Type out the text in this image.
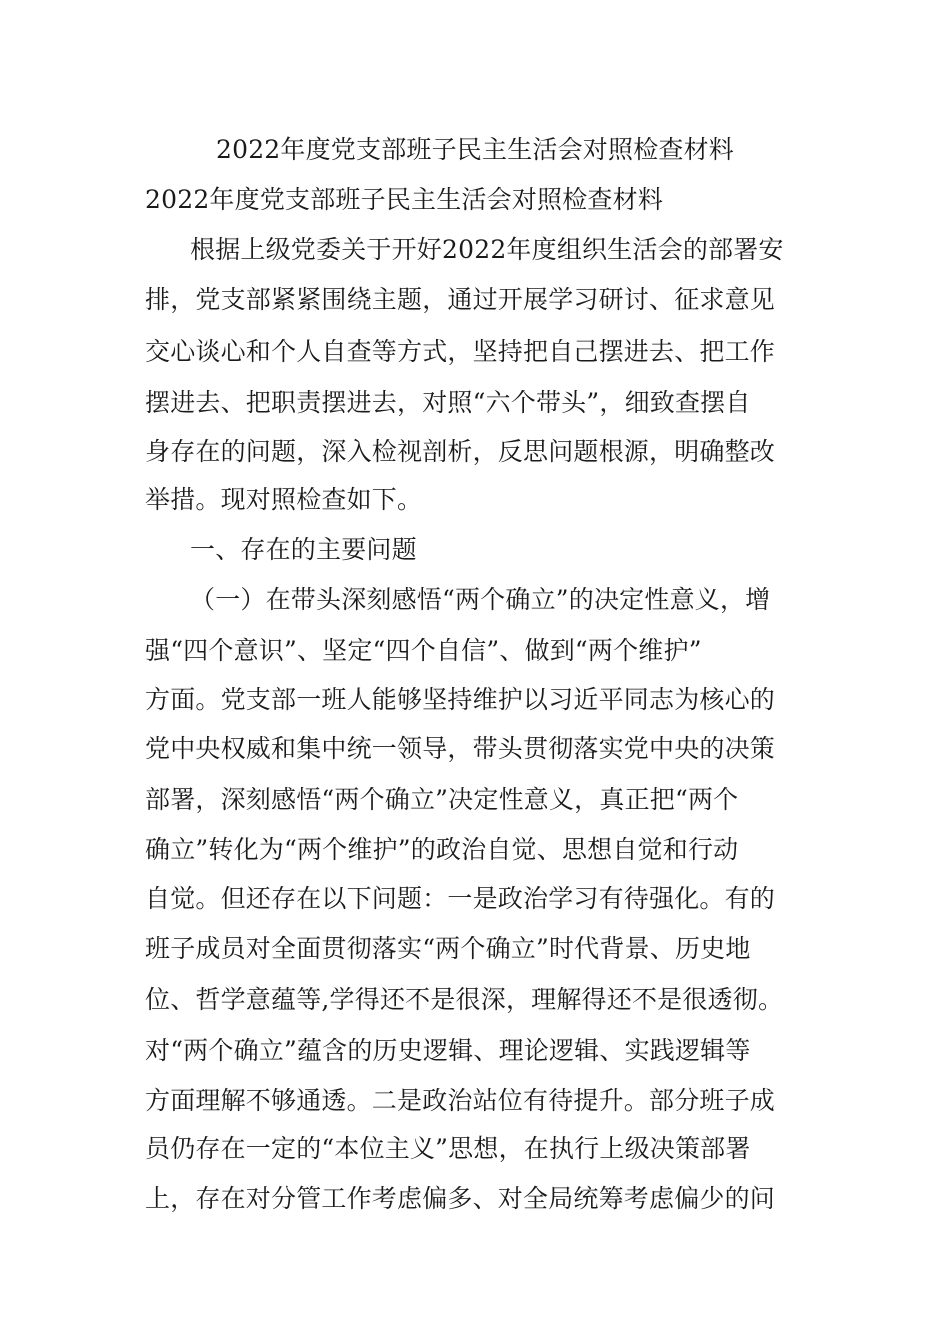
2022年度党支部班子民主生活会对照检查材料

2022年度党支部班子民主生活会对照检查材料

根据上级党委关于开好2022年度组织生活会的部署安

排，党支部紧紧围绕主题，通过开展学习研讨、征求意见

交心谈心和个人自查等方式，坚持把自己摆进去、把工作

摆进去、把职责摆进去，对照“六个带头”，细致查摆自

身存在的问题，深入检视剖析，反思问题根源，明确整改

举措。现对照检查如下。

一、存在的主要问题

（一）在带头深刻感悟“两个确立”的决定性意义，增

强“四个意识”、坚定“四个自信”、做到“两个维护”

方面。党支部一班人能够坚持维护以习近平同志为核心的

党中央权威和集中统一领导，带头贯彻落实党中央的决策

部署，深刻感悟“两个确立”决定性意义，真正把“两个

确立”转化为“两个维护”的政治自觉、思想自觉和行动

自觉。但还存在以下问题：一是政治学习有待强化。有的

班子成员对全面贯彻落实“两个确立”时代背景、历史地

位、哲学意蕴等,学得还不是很深，理解得还不是很透彻。

对“两个确立”蕴含的历史逻辑、理论逻辑、实践逻辑等

方面理解不够通透。二是政治站位有待提升。部分班子成

员仍存在一定的“本位主义”思想，在执行上级决策部署

上，存在对分管工作考虑偏多、对全局统筹考虑偏少的问
